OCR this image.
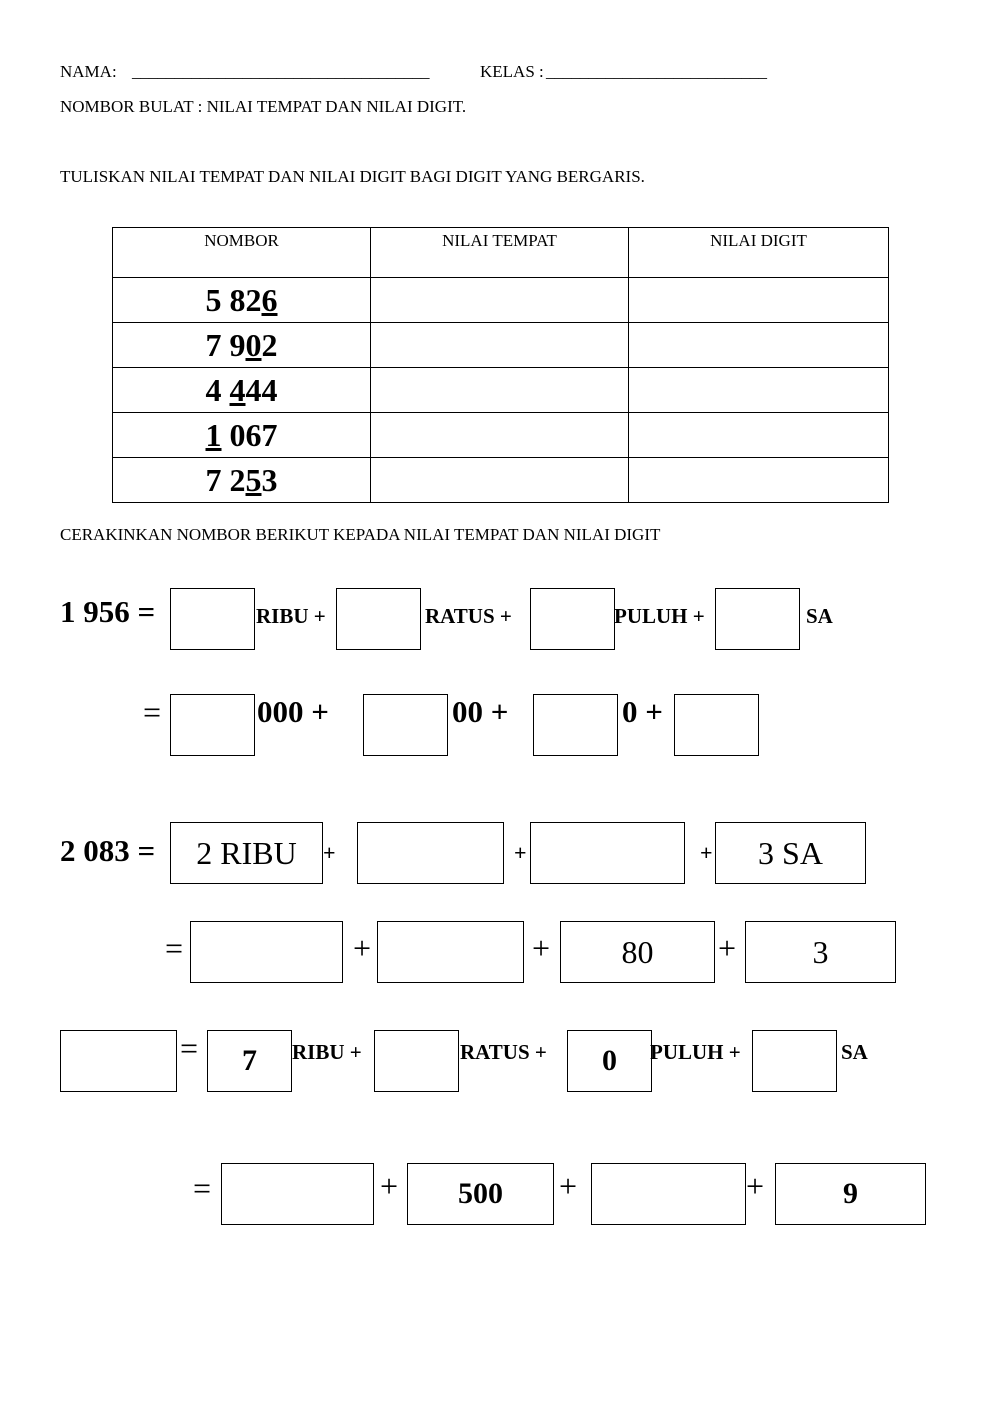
NAMA: ___________________________________	KELAS : __________________________
NOMBOR BULAT : NILAI TEMPAT DAN NILAI DIGIT.
TULISKAN NILAI TEMPAT DAN NILAI DIGIT BAGI DIGIT YANG BERGARIS.
NOMBOR	NILAI TEMPAT	NILAI DIGIT
5 826		
7 902		
4 444		
1 067		
7 253		
CERAKINKAN NOMBOR BERIKUT KEPADA NILAI TEMPAT DAN NILAI DIGIT
1 956 =	RIBU +	RATUS +	PULUH +	SA
=	000 +	00 +	0 +
2 083 = 2 RIBU +	+	+ 3 SA
=	+	+ 80 + 3
= 7 RIBU +	RATUS + 0 PULUH +	SA
=	+ 500 +	+	9
